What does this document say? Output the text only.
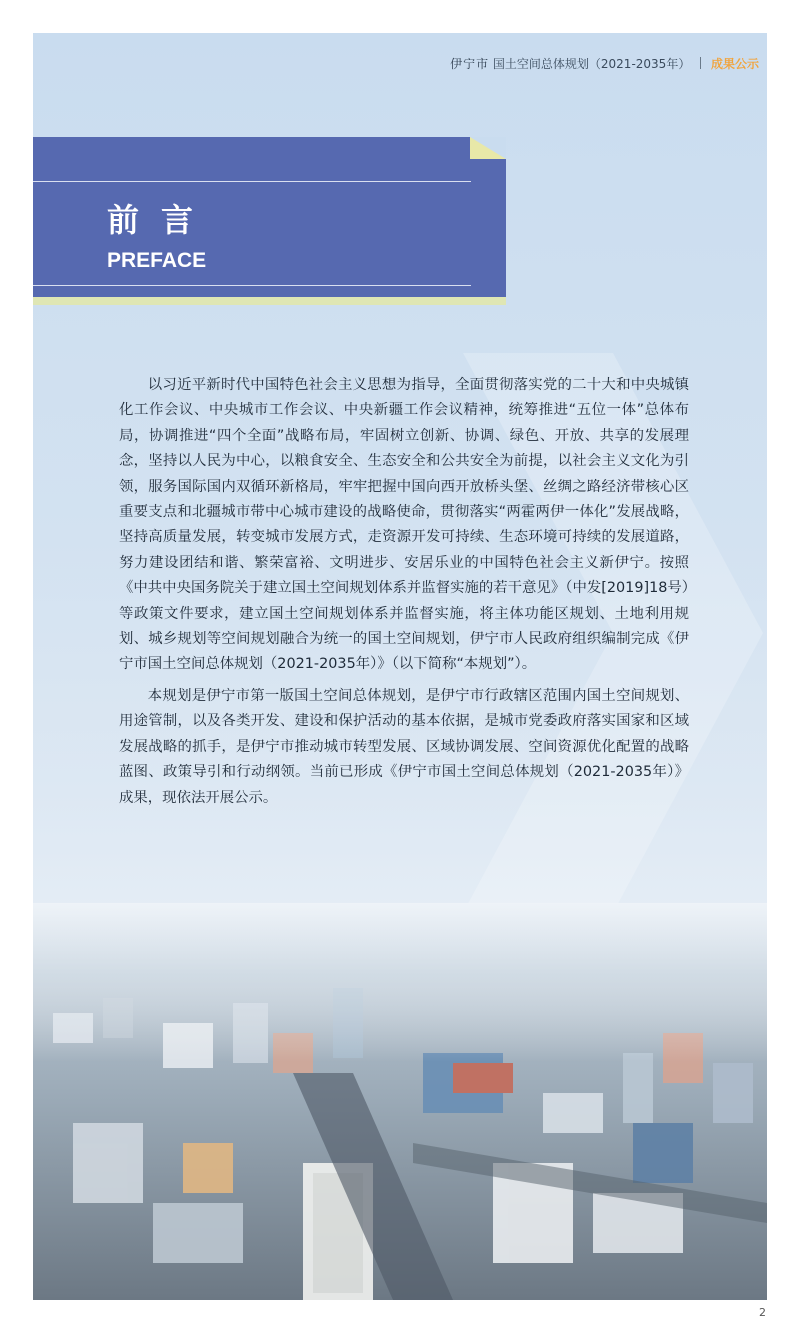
伊宁市 国土空间总体规划（2021-2035年） 成果公示
前言
PREFACE

以习近平新时代中国特色社会主义思想为指导，全面贯彻落实党的二十大和中央城镇化工作会议、中央城市工作会议、中央新疆工作会议精神，统筹推进“五位一体”总体布局，协调推进“四个全面”战略布局，牢固树立创新、协调、绿色、开放、共享的发展理念，坚持以人民为中心，以粮食安全、生态安全和公共安全为前提，以社会主义文化为引领，服务国际国内双循环新格局，牢牢把握中国向西开放桥头堡、丝绸之路经济带核心区重要支点和北疆城市带中心城市建设的战略使命，贯彻落实“两霍两伊一体化”发展战略，坚持高质量发展，转变城市发展方式，走资源开发可持续、生态环境可持续的发展道路，努力建设团结和谐、繁荣富裕、文明进步、安居乐业的中国特色社会主义新伊宁。按照《中共中央国务院关于建立国土空间规划体系并监督实施的若干意见》（中发[2019]18号）等政策文件要求，建立国土空间规划体系并监督实施，将主体功能区规划、土地利用规划、城乡规划等空间规划融合为统一的国土空间规划，伊宁市人民政府组织编制完成《伊宁市国土空间总体规划（2021-2035年）》（以下简称“本规划”）。

本规划是伊宁市第一版国土空间总体规划，是伊宁市行政辖区范围内国土空间规划、用途管制，以及各类开发、建设和保护活动的基本依据，是城市党委政府落实国家和区域发展战略的抓手，是伊宁市推动城市转型发展、区域协调发展、空间资源优化配置的战略蓝图、政策导引和行动纲领。当前已形成《伊宁市国土空间总体规划（2021-2035年）》成果，现依法开展公示。

2
